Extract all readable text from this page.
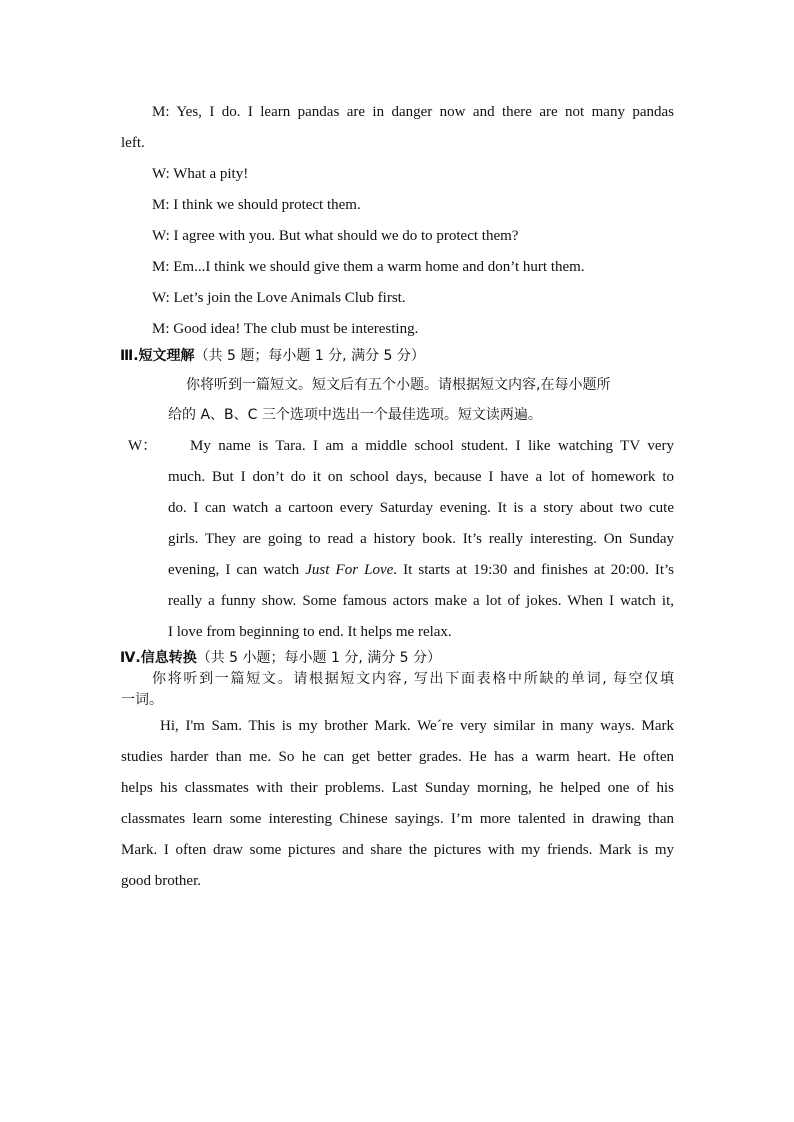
M: Yes, I do. I learn pandas are in danger now and there are not many pandas
left.
W: What a pity!
M: I think we should protect them.
W: I agree with you. But what should we do to protect them?
M: Em...I think we should give them a warm home and don’t hurt them.
W: Let’s join the Love Animals Club first.
M: Good idea! The club must be interesting.
Ⅲ.短文理解（共 5 题；每小题 1 分, 满分 5 分）
你将听到一篇短文。短文后有五个小题。请根据短文内容,在每小题所
给的 A、B、C 三个选项中选出一个最佳选项。短文读两遍。
W： My name is Tara. I am a middle school student. I like watching TV very
much. But I don’t do it on school days, because I have a lot of homework to
do. I can watch a cartoon every Saturday evening. It is a story about two cute
girls. They are going to read a history book. It’s really interesting. On Sunday
evening, I can watch Just For Love. It starts at 19:30 and finishes at 20:00. It’s
really a funny show. Some famous actors make a lot of jokes. When I watch it,
I love from beginning to end. It helps me relax.
Ⅳ.信息转换（共 5 小题；每小题 1 分, 满分 5 分）
你将听到一篇短文。请根据短文内容, 写出下面表格中所缺的单词, 每空仅填
一词。
Hi, I'm Sam. This is my brother Mark. We´re very similar in many ways. Mark
studies harder than me. So he can get better grades. He has a warm heart. He often
helps his classmates with their problems. Last Sunday morning, he helped one of his
classmates learn some interesting Chinese sayings. I’m more talented in drawing than
Mark. I often draw some pictures and share the pictures with my friends. Mark is my
good brother.
